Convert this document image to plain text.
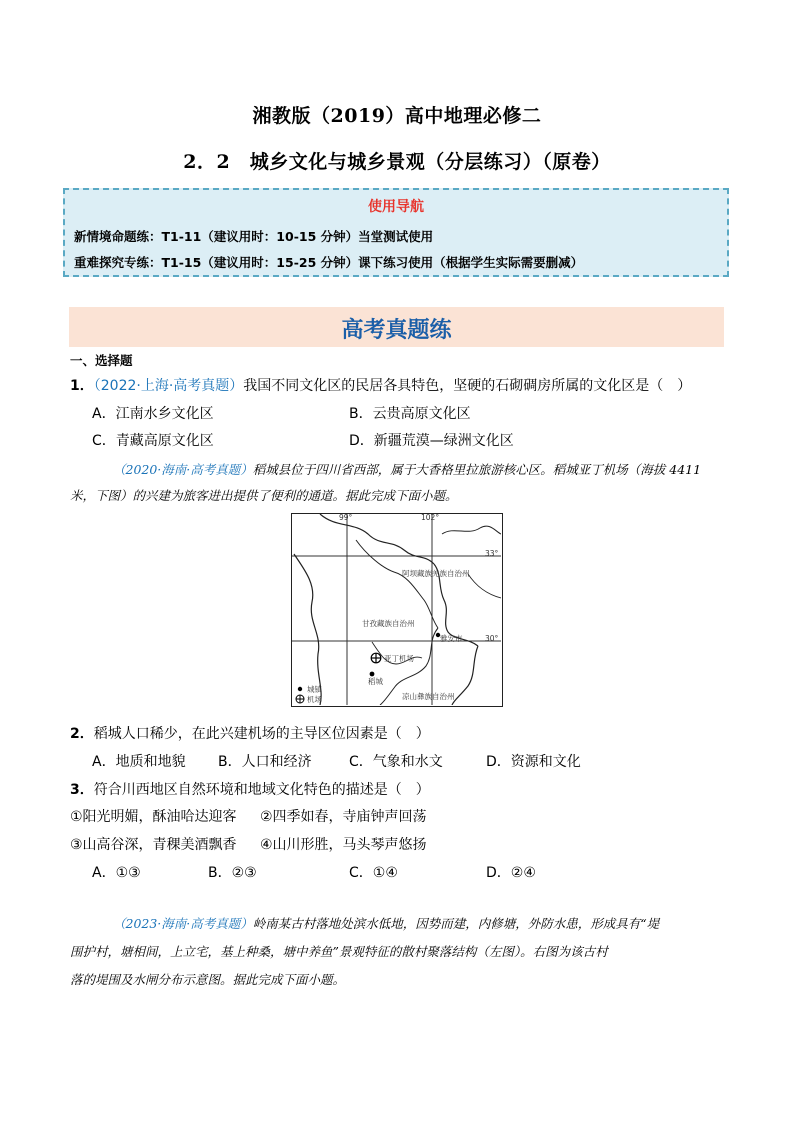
湘教版（2019）高中地理必修二
2．2　城乡文化与城乡景观（分层练习）（原卷）
使用导航
新情境命题练：T1-11（建议用时：10-15 分钟）当堂测试使用
重难探究专练：T1-15（建议用时：15-25 分钟）课下练习使用（根据学生实际需要删减）
高考真题练
一、选择题
1．（2022·上海·高考真题）我国不同文化区的民居各具特色，坚硬的石砌碉房所属的文化区是（　）
A．江南水乡文化区	B．云贵高原文化区
C．青藏高原文化区	D．新疆荒漠—绿洲文化区
（2020·海南·高考真题）稻城县位于四川省西部，属于大香格里拉旅游核心区。稻城亚丁机场（海拔 4411
米，下图）的兴建为旅客进出提供了便利的通道。据此完成下面小题。
99°	102°
33°
30°
阿坝藏族羌族自治州
甘孜藏族自治州
凉山彝族自治州
雅安市
亚丁机场
稻城
城镇
机场
2．稻城人口稀少，在此兴建机场的主导区位因素是（　）
A．地质和地貌 B．人口和经济	C．气象和水文	D．资源和文化
3．符合川西地区自然环境和地域文化特色的描述是（　）
①阳光明媚，酥油哈达迎客 ②四季如春，寺庙钟声回荡
③山高谷深，青稞美酒飘香 ④山川形胜，马头琴声悠扬
A．①③	B．②③	C．①④	D．②④
（2023·海南·高考真题）岭南某古村落地处滨水低地，因势而建，内修塘，外防水患，形成具有“堤
围护村，塘相间，上立宅，基上种桑，塘中养鱼”景观特征的散村聚落结构（左图）。右图为该古村
落的堤围及水闸分布示意图。据此完成下面小题。
